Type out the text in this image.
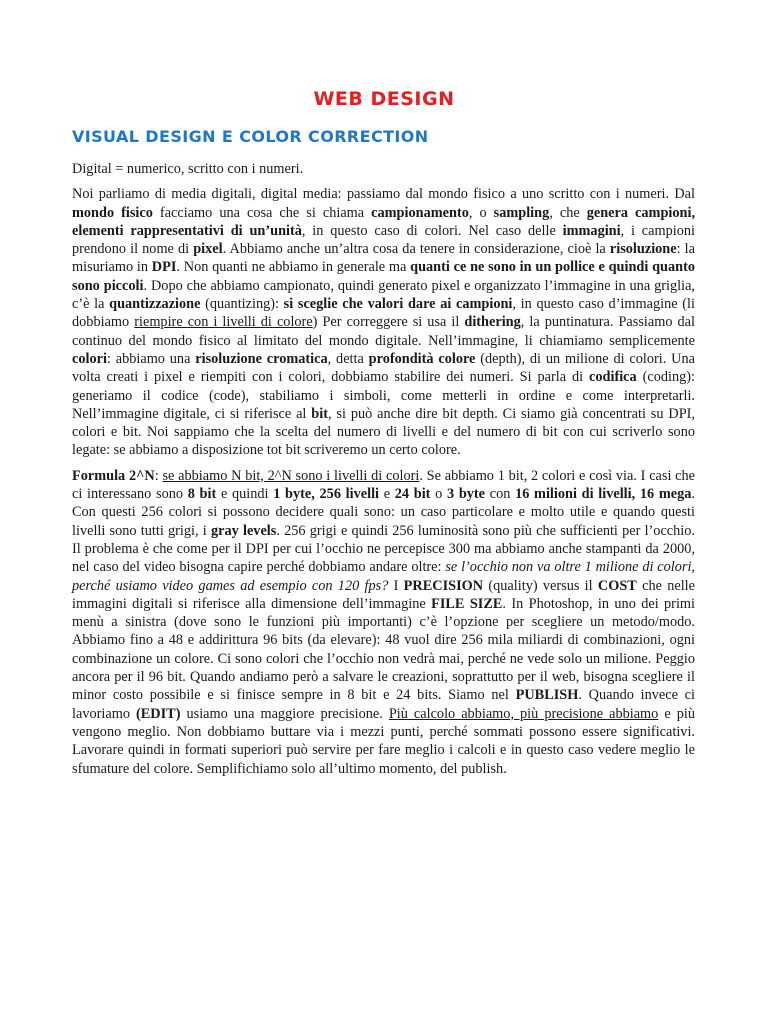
WEB DESIGN
VISUAL DESIGN E COLOR CORRECTION

Digital = numerico, scritto con i numeri.

Noi parliamo di media digitali, digital media: passiamo dal mondo fisico a uno scritto con i numeri. Dal mondo fisico facciamo una cosa che si chiama campionamento, o sampling, che genera campioni, elementi rappresentativi di un’unità, in questo caso di colori. Nel caso delle immagini, i campioni prendono il nome di pixel. Abbiamo anche un’altra cosa da tenere in considerazione, cioè la risoluzione: la misuriamo in DPI. Non quanti ne abbiamo in generale ma quanti ce ne sono in un pollice e quindi quanto sono piccoli. Dopo che abbiamo campionato, quindi generato pixel e organizzato l’immagine in una griglia, c’è la quantizzazione (quantizing): si sceglie che valori dare ai campioni, in questo caso d’immagine (li dobbiamo riempire con i livelli di colore) Per correggere si usa il dithering, la puntinatura. Passiamo dal continuo del mondo fisico al limitato del mondo digitale. Nell’immagine, li chiamiamo semplicemente colori: abbiamo una risoluzione cromatica, detta profondità colore (depth), di un milione di colori. Una volta creati i pixel e riempiti con i colori, dobbiamo stabilire dei numeri. Si parla di codifica (coding): generiamo il codice (code), stabiliamo i simboli, come metterli in ordine e come interpretarli. Nell’immagine digitale, ci si riferisce al bit, si può anche dire bit depth. Ci siamo già concentrati su DPI, colori e bit. Noi sappiamo che la scelta del numero di livelli e del numero di bit con cui scriverlo sono legate: se abbiamo a disposizione tot bit scriveremo un certo colore.

Formula 2^N: se abbiamo N bit, 2^N sono i livelli di colori. Se abbiamo 1 bit, 2 colori e così via. I casi che ci interessano sono 8 bit e quindi 1 byte, 256 livelli e 24 bit o 3 byte con 16 milioni di livelli, 16 mega. Con questi 256 colori si possono decidere quali sono: un caso particolare e molto utile e quando questi livelli sono tutti grigi, i gray levels. 256 grigi e quindi 256 luminosità sono più che sufficienti per l’occhio. Il problema è che come per il DPI per cui l’occhio ne percepisce 300 ma abbiamo anche stampanti da 2000, nel caso del video bisogna capire perché dobbiamo andare oltre: se l’occhio non va oltre 1 milione di colori, perché usiamo video games ad esempio con 120 fps? I PRECISION (quality) versus il COST che nelle immagini digitali si riferisce alla dimensione dell’immagine FILE SIZE. In Photoshop, in uno dei primi menù a sinistra (dove sono le funzioni più importanti) c’è l’opzione per scegliere un metodo/modo. Abbiamo fino a 48 e addirittura 96 bits (da elevare): 48 vuol dire 256 mila miliardi di combinazioni, ogni combinazione un colore. Ci sono colori che l’occhio non vedrà mai, perché ne vede solo un milione. Peggio ancora per il 96 bit. Quando andiamo però a salvare le creazioni, soprattutto per il web, bisogna scegliere il minor costo possibile e si finisce sempre in 8 bit e 24 bits. Siamo nel PUBLISH. Quando invece ci lavoriamo (EDIT) usiamo una maggiore precisione. Più calcolo abbiamo, più precisione abbiamo e più vengono meglio. Non dobbiamo buttare via i mezzi punti, perché sommati possono essere significativi. Lavorare quindi in formati superiori può servire per fare meglio i calcoli e in questo caso vedere meglio le sfumature del colore. Semplifichiamo solo all’ultimo momento, del publish.
